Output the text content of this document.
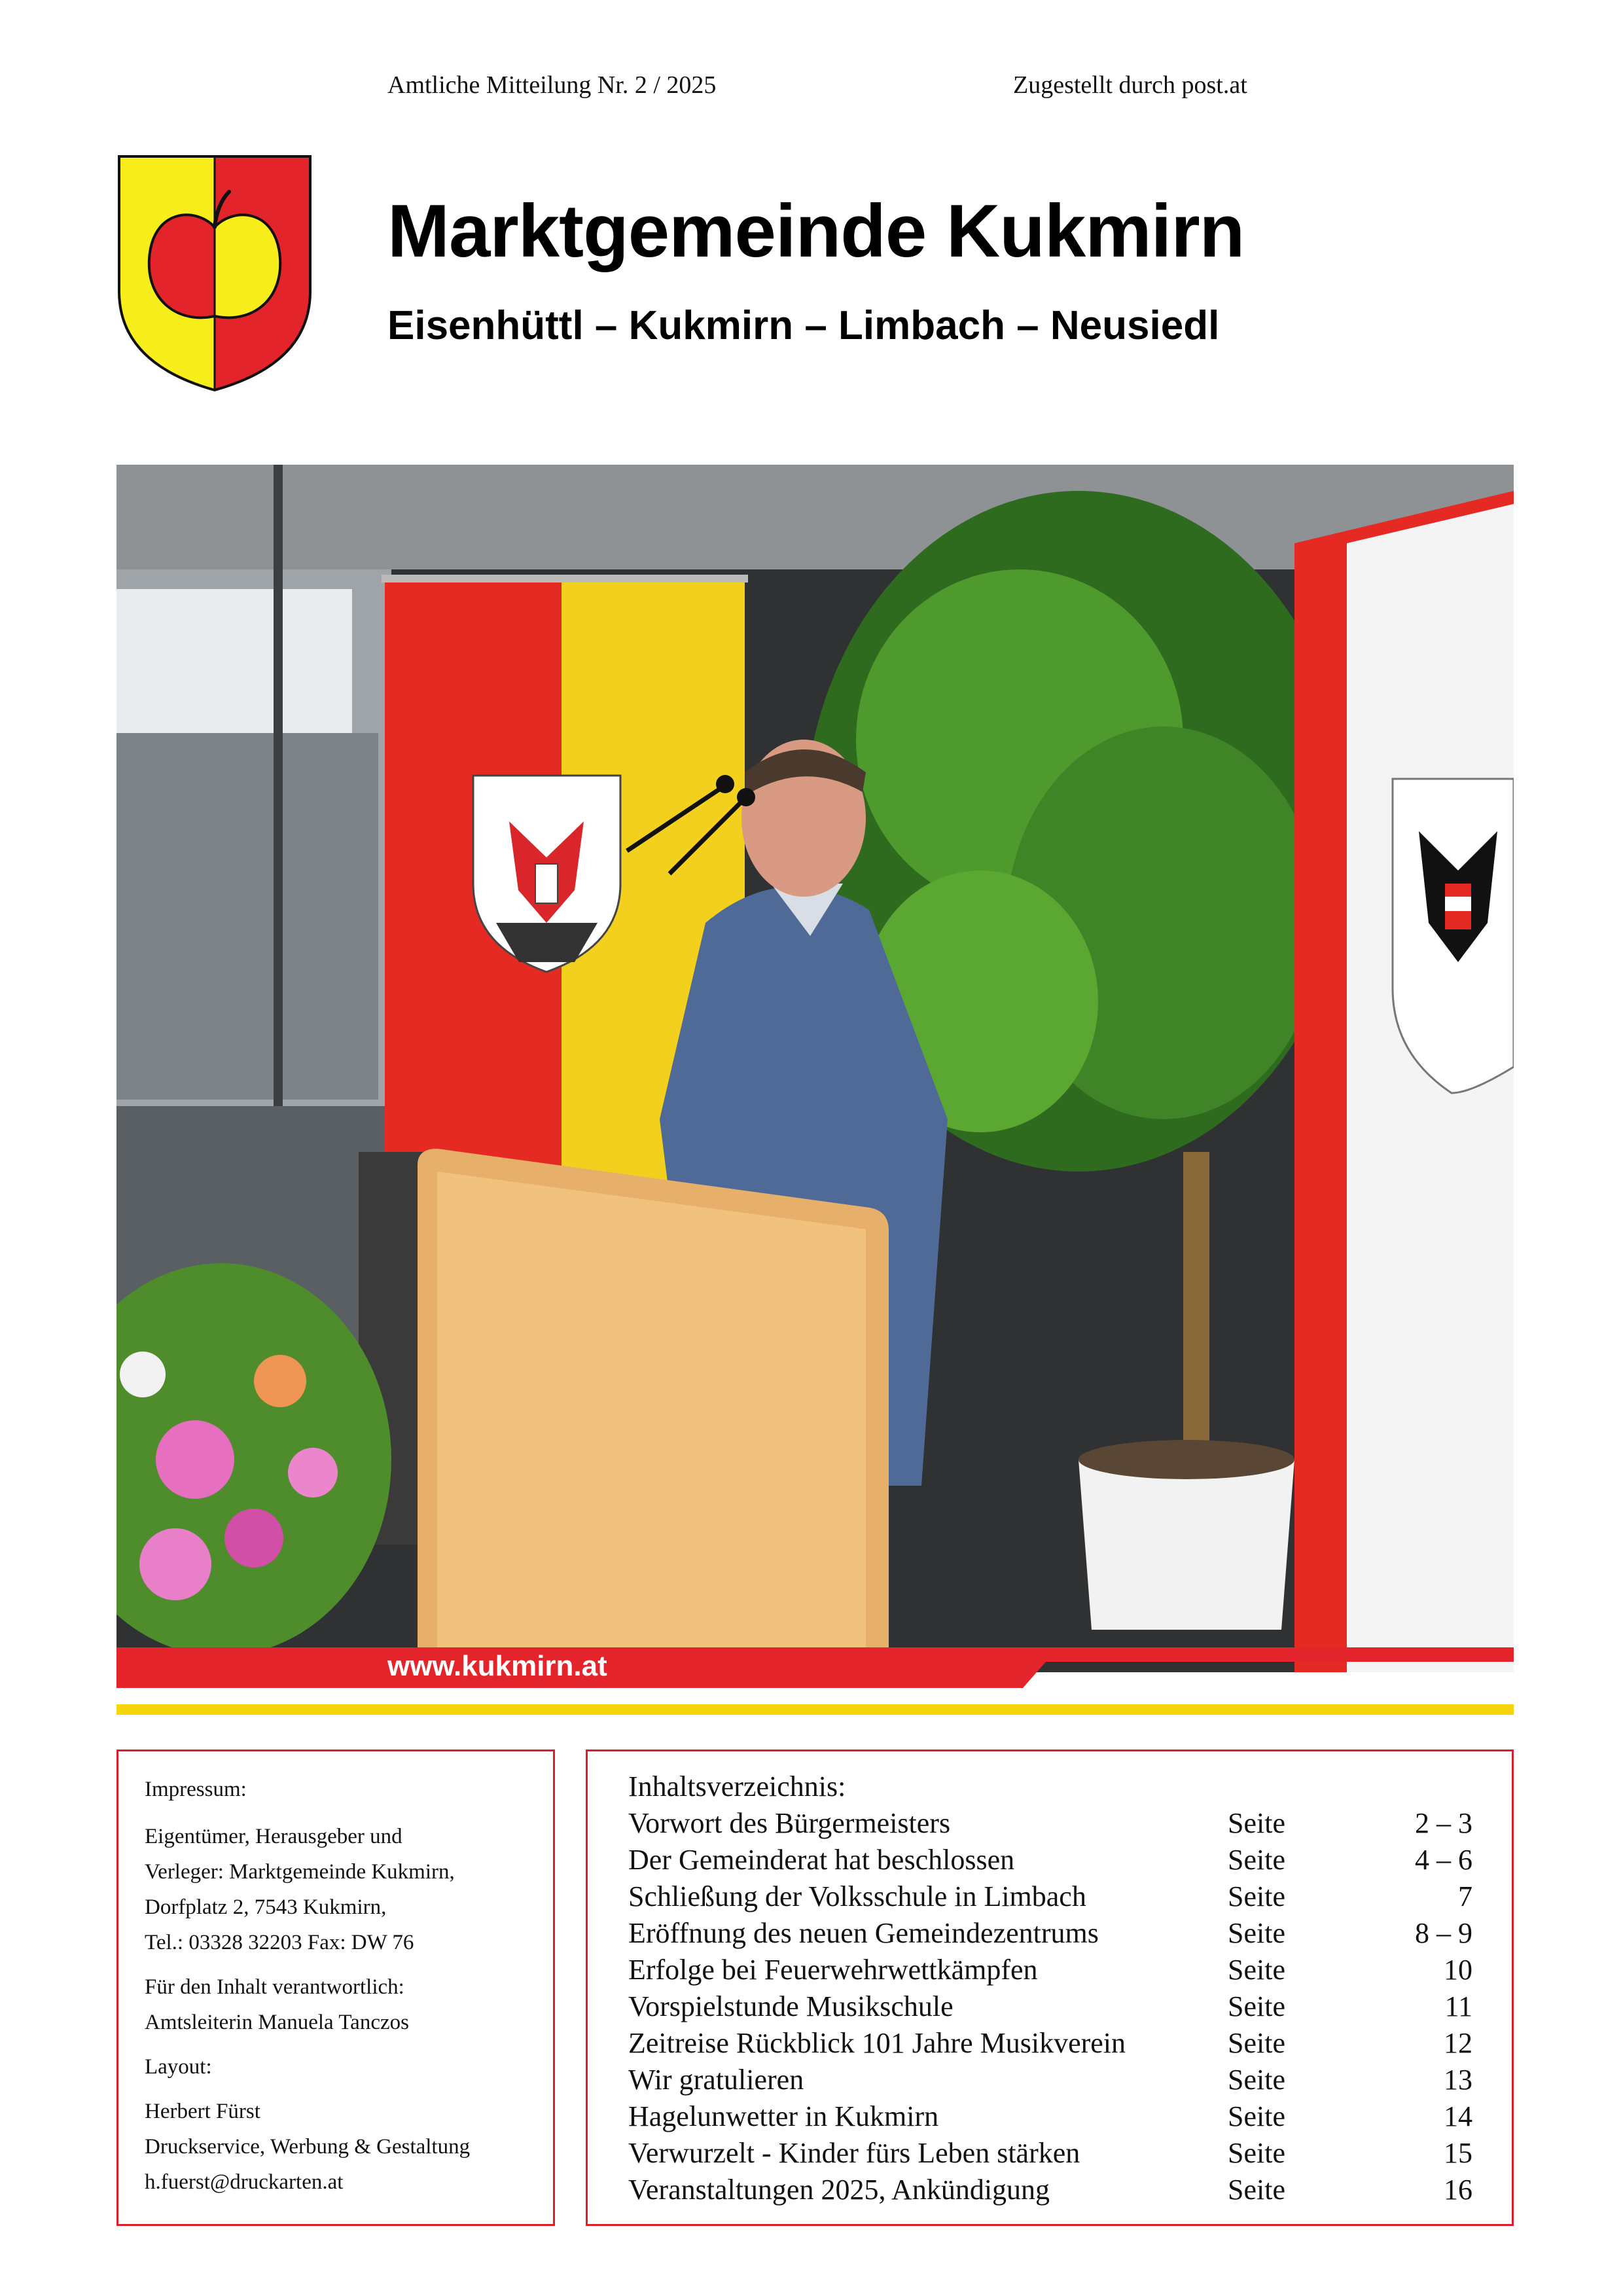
Amtliche Mitteilung Nr. 2 / 2025	Zugestellt durch post.at
Marktgemeinde Kukmirn
Eisenhüttl – Kukmirn – Limbach – Neusiedl
www.kukmirn.at
Impressum:
Eigentümer, Herausgeber und
Verleger: Marktgemeinde Kukmirn,
Dorfplatz 2, 7543 Kukmirn,
Tel.: 03328 32203 Fax: DW 76
Für den Inhalt verantwortlich:
Amtsleiterin Manuela Tanczos
Layout:
Herbert Fürst
Druckservice, Werbung & Gestaltung
h.fuerst@druckarten.at
Inhaltsverzeichnis:
Vorwort des Bürgermeisters	Seite	2 – 3
Der Gemeinderat hat beschlossen	Seite	4 – 6
Schließung der Volksschule in Limbach	Seite	7
Eröffnung des neuen Gemeindezentrums	Seite	8 – 9
Erfolge bei Feuerwehrwettkämpfen	Seite	10
Vorspielstunde Musikschule	Seite	11
Zeitreise Rückblick 101 Jahre Musikverein	Seite	12
Wir gratulieren	Seite	13
Hagelunwetter in Kukmirn	Seite	14
Verwurzelt - Kinder fürs Leben stärken	Seite	15
Veranstaltungen 2025, Ankündigung	Seite	16
